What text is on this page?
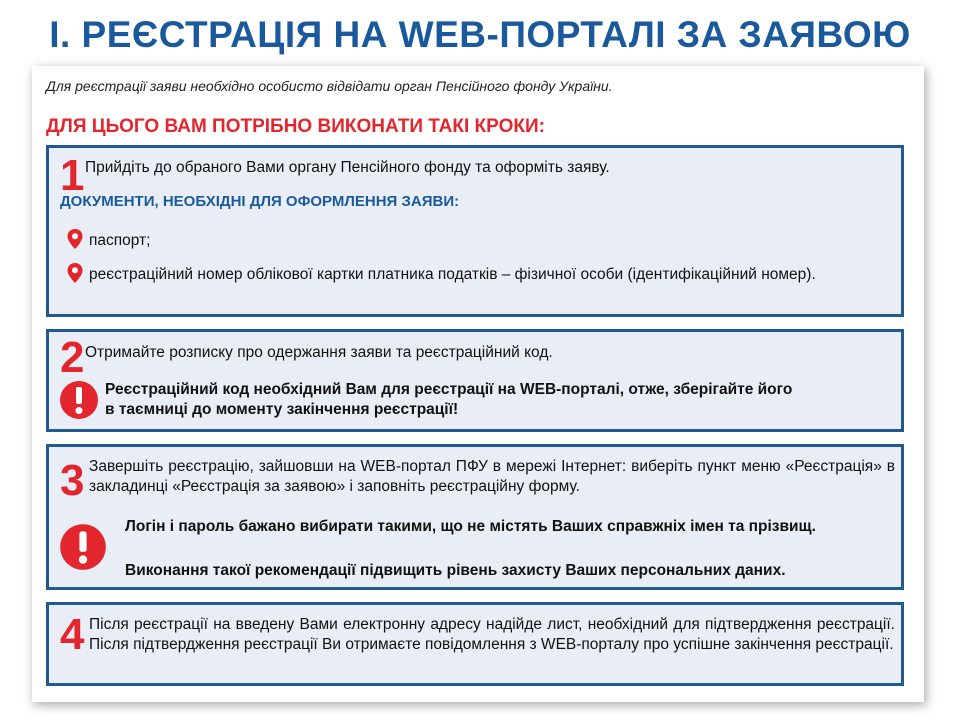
I. РЕЄСТРАЦІЯ НА WEB-ПОРТАЛІ ЗА ЗАЯВОЮ
Для реєстрації заяви необхідно особисто відвідати орган Пенсійного фонду України.
ДЛЯ ЦЬОГО ВАМ ПОТРІБНО ВИКОНАТИ ТАКІ КРОКИ:
1 Прийдіть до обраного Вами органу Пенсійного фонду та оформіть заяву.
ДОКУМЕНТИ, НЕОБХІДНІ ДЛЯ ОФОРМЛЕННЯ ЗАЯВИ:
паспорт;
реєстраційний номер облікової картки платника податків – фізичної особи (ідентифікаційний номер).
2 Отримайте розписку про одержання заяви та реєстраційний код.
Реєстраційний код необхідний Вам для реєстрації на WEB-порталі, отже, зберігайте його в таємниці до моменту закінчення реєстрації!
3 Завершіть реєстрацію, зайшовши на WEB-портал ПФУ в мережі Інтернет: виберіть пункт меню «Реєстрація» в закладинці «Реєстрація за заявою» і заповніть реєстраційну форму.
Логін і пароль бажано вибирати такими, що не містять Ваших справжніх імен та прізвищ.
Виконання такої рекомендації підвищить рівень захисту Ваших персональних даних.
4 Після реєстрації на введену Вами електронну адресу надійде лист, необхідний для підтвердження реєстрації. Після підтвердження реєстрації Ви отримаєте повідомлення з WEB-порталу про успішне закінчення реєстрації.
